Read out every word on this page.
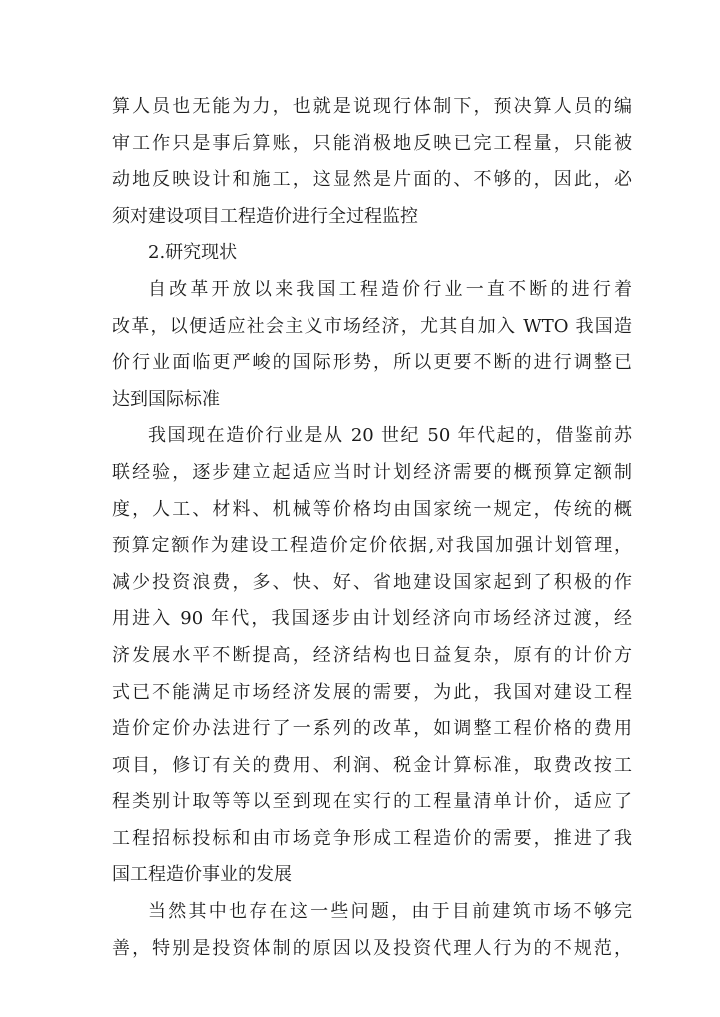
算人员也无能为力，也就是说现行体制下，预决算人员的编
审工作只是事后算账，只能消极地反映已完工程量，只能被
动地反映设计和施工，这显然是片面的、不够的，因此，必
须对建设项目工程造价进行全过程监控
2.研究现状
自改革开放以来我国工程造价行业一直不断的进行着
改革，以便适应社会主义市场经济，尤其自加入 WTO 我国造
价行业面临更严峻的国际形势，所以更要不断的进行调整已
达到国际标准
我国现在造价行业是从 20 世纪 50 年代起的，借鉴前苏
联经验，逐步建立起适应当时计划经济需要的概预算定额制
度，人工、材料、机械等价格均由国家统一规定，传统的概
预算定额作为建设工程造价定价依据,对我国加强计划管理，
减少投资浪费，多、快、好、省地建设国家起到了积极的作
用进入 90 年代，我国逐步由计划经济向市场经济过渡，经
济发展水平不断提高，经济结构也日益复杂，原有的计价方
式已不能满足市场经济发展的需要，为此，我国对建设工程
造价定价办法进行了一系列的改革，如调整工程价格的费用
项目，修订有关的费用、利润、税金计算标准，取费改按工
程类别计取等等以至到现在实行的工程量清单计价，适应了
工程招标投标和由市场竞争形成工程造价的需要，推进了我
国工程造价事业的发展
当然其中也存在这一些问题，由于目前建筑市场不够完
善，特别是投资体制的原因以及投资代理人行为的不规范，
